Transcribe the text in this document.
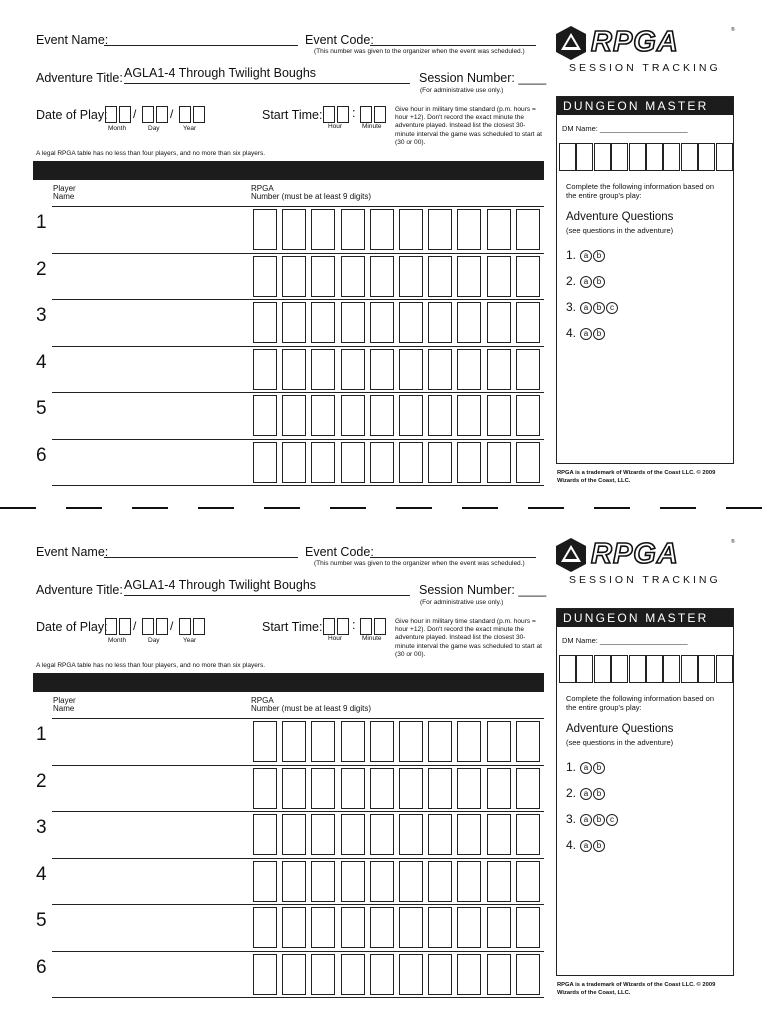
Event Name:	Event Code:
(This number was given to the organizer when the event was scheduled.)
Adventure Title: AGLA1-4 Through Twilight Boughs	Session Number: ____
(For administrative use only.)
Date of Play: /	/
Month	Day	Year
Start Time: :
Hour	Minute
Give hour in military time standard (p.m. hours = hour +12). Don't record the exact minute the adventure played. Instead list the closest 30-minute interval the game was scheduled to start at (30 or 00).
A legal RPGA table has no less than four players, and no more than six players.
Player
Name
RPGA
Number (must be at least 9 digits)
1
2
3
4
5
6
RPGA	®
SESSION TRACKING
DUNGEON MASTER
DM Name: _____________________
Complete the following information based on the entire group's play:
Adventure Questions
(see questions in the adventure)
1. a b
2. a b
3. a b c
4. a b
RPGA is a trademark of Wizards of the Coast LLC. © 2009 Wizards of the Coast, LLC.
Event Name:	Event Code:
(This number was given to the organizer when the event was scheduled.)
Adventure Title: AGLA1-4 Through Twilight Boughs	Session Number: ____
(For administrative use only.)
Date of Play: /	/
Month	Day	Year
Start Time: :
Hour	Minute
Give hour in military time standard (p.m. hours = hour +12). Don't record the exact minute the adventure played. Instead list the closest 30-minute interval the game was scheduled to start at (30 or 00).
A legal RPGA table has no less than four players, and no more than six players.
Player
Name
RPGA
Number (must be at least 9 digits)
1
2
3
4
5
6
RPGA	®
SESSION TRACKING
DUNGEON MASTER
DM Name: _____________________
Complete the following information based on the entire group's play:
Adventure Questions
(see questions in the adventure)
1. a b
2. a b
3. a b c
4. a b
RPGA is a trademark of Wizards of the Coast LLC. © 2009 Wizards of the Coast, LLC.
